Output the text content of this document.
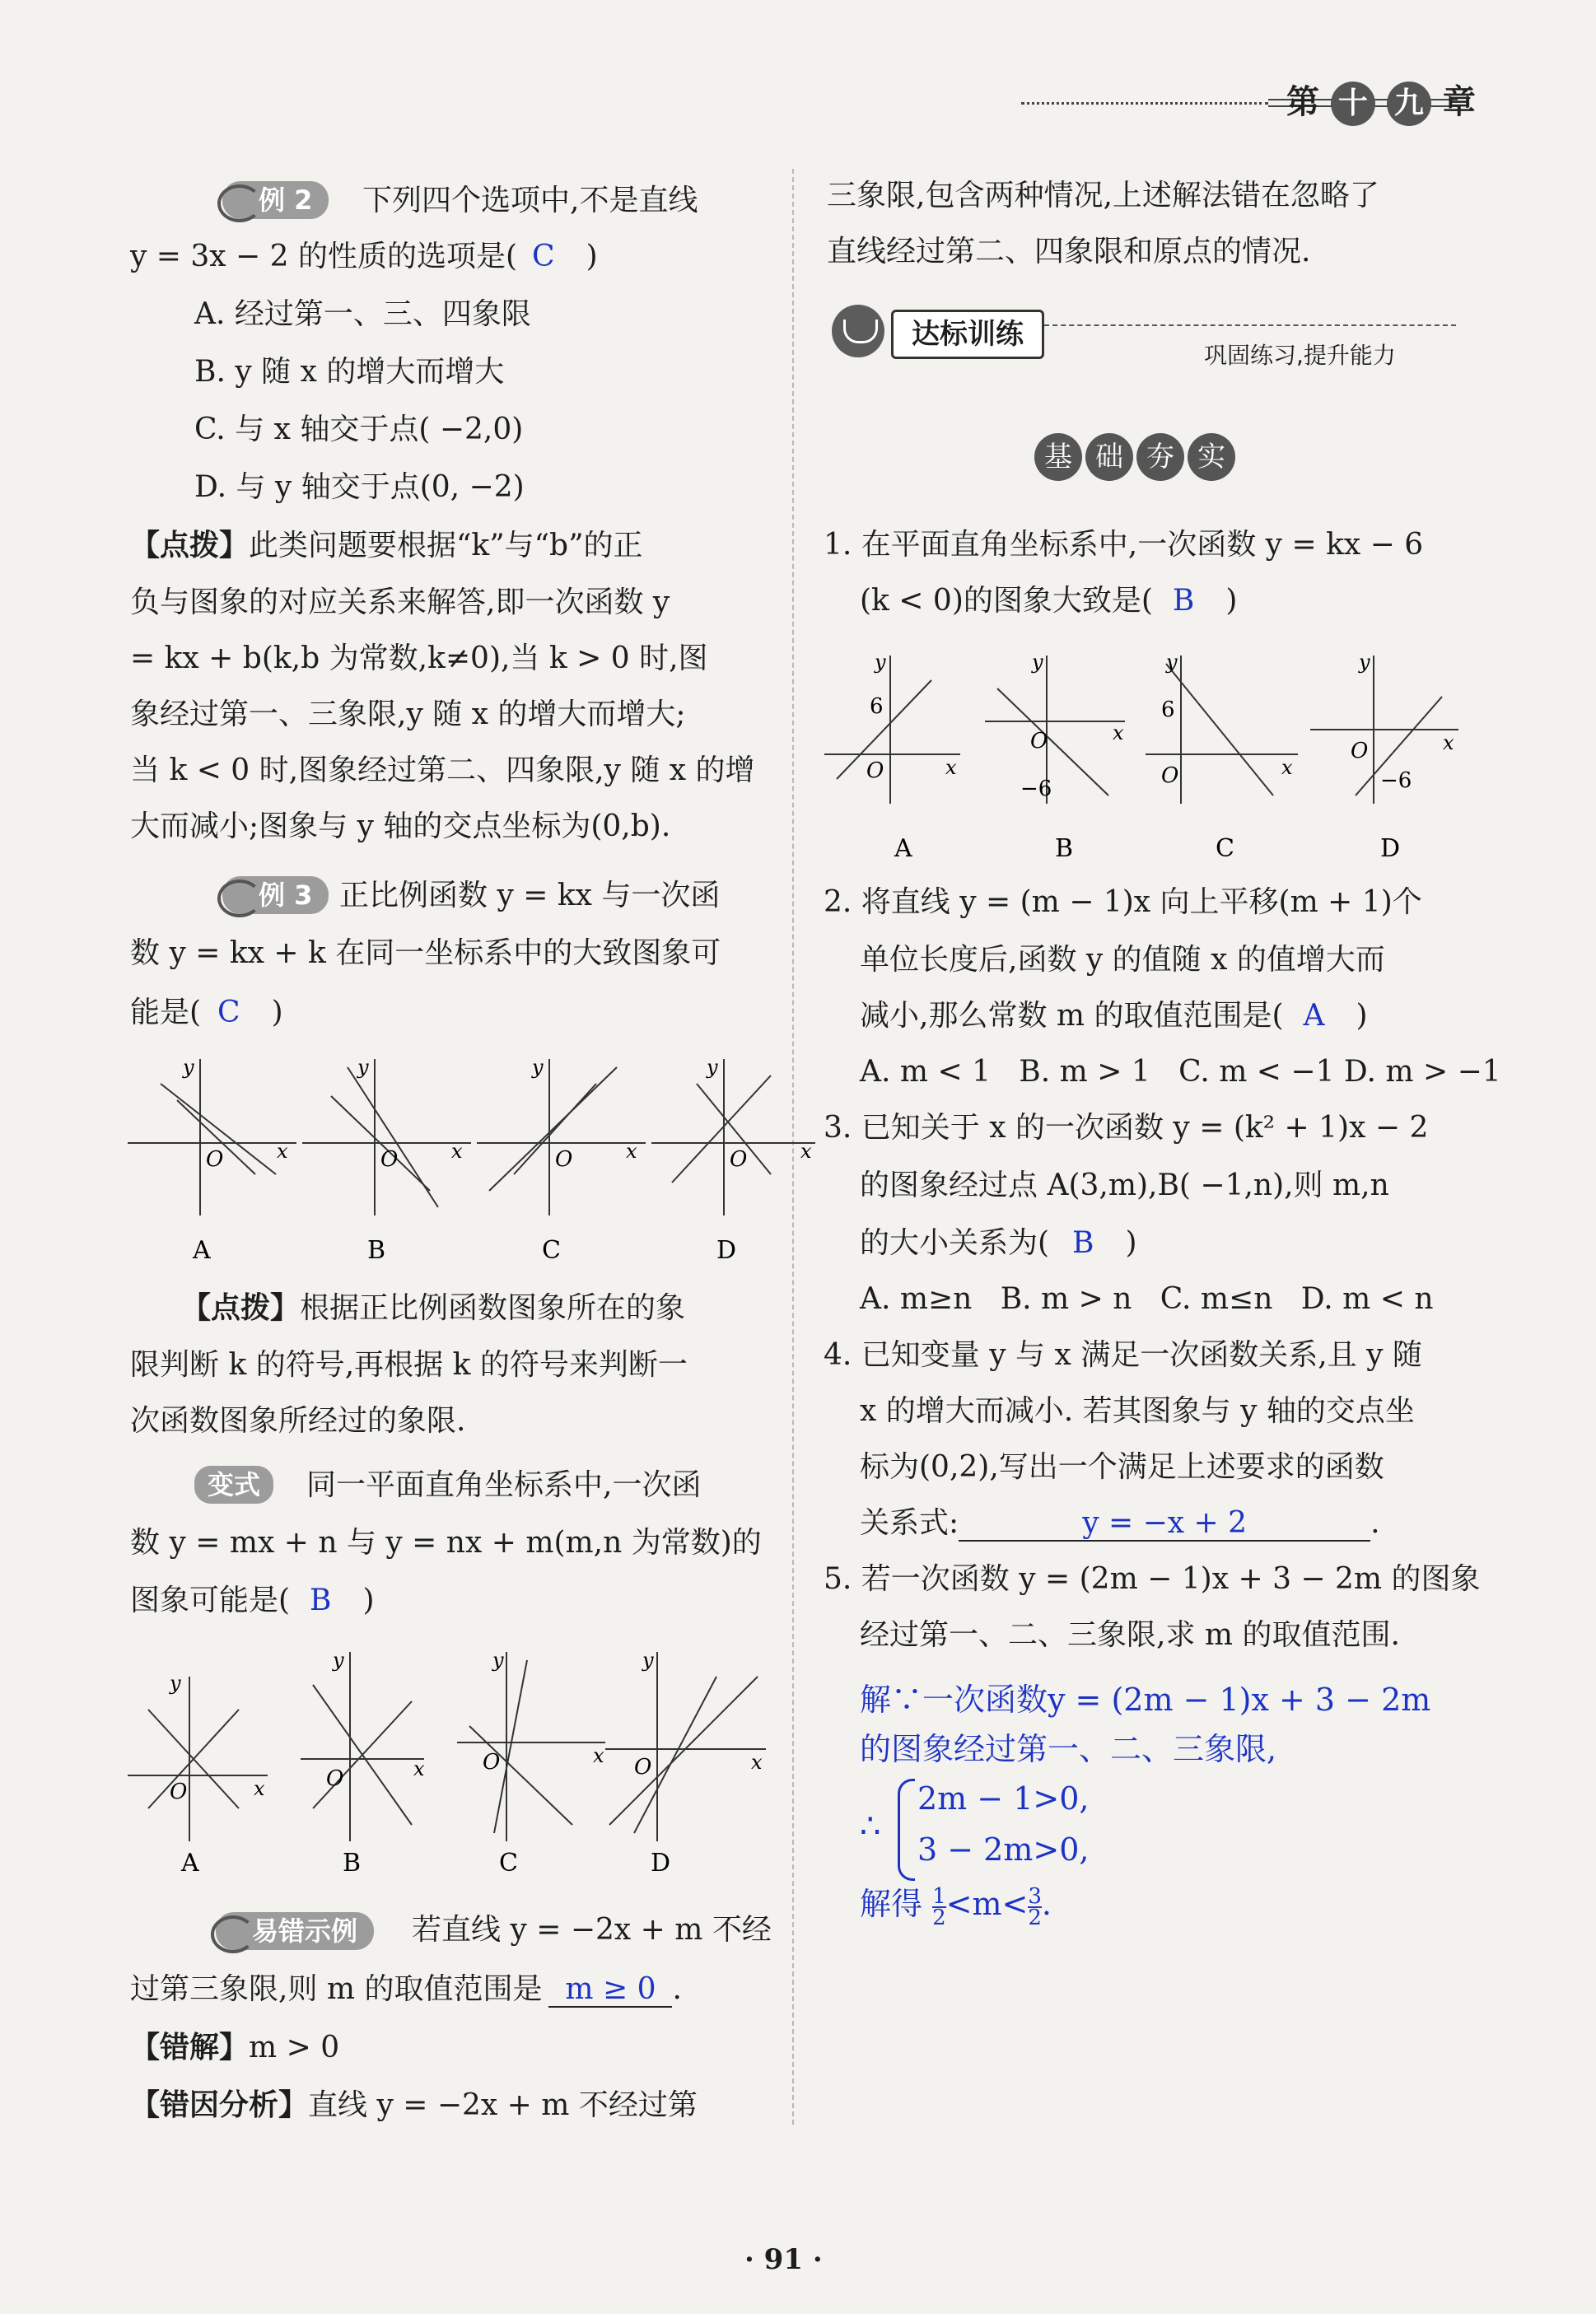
第 十 九 章
例 2	下列四个选项中,不是直线
y = 3x − 2 的性质的选项是( C )
A. 经过第一、三、四象限
B. y 随 x 的增大而增大
C. 与 x 轴交于点( −2,0)
D. 与 y 轴交于点(0, −2)
【点拨】此类问题要根据“k”与“b”的正
负与图象的对应关系来解答,即一次函数 y
= kx + b(k,b 为常数,k≠0),当 k > 0 时,图
象经过第一、三象限,y 随 x 的增大而增大;
当 k < 0 时,图象经过第二、四象限,y 随 x 的增
大而减小;图象与 y 轴的交点坐标为(0,b).
例 3 正比例函数 y = kx 与一次函
数 y = kx + k 在同一坐标系中的大致图象可
能是( C )
y
x
O
A
y
x
O
B
y
x
O
C
y
x
O
D
【点拨】根据正比例函数图象所在的象
限判断 k 的符号,再根据 k 的符号来判断一
次函数图象所经过的象限.
变式	同一平面直角坐标系中,一次函
数 y = mx + n 与 y = nx + m(m,n 为常数)的
图象可能是( B )
y
x
O
A
y
x
O
B
y
x
O
C
y
x
O
D
易错示例	若直线 y = −2x + m 不经
过第三象限,则 m 的取值范围是 m ≥ 0 .
【错解】m > 0
【错因分析】直线 y = −2x + m 不经过第
三象限,包含两种情况,上述解法错在忽略了
直线经过第二、四象限和原点的情况.
达标训练
巩固练习,提升能力
基 础 夯 实
1. 在平面直角坐标系中,一次函数 y = kx − 6
(k < 0)的图象大致是( B )
y
x
O
6
A
y
x
O
−6
B
y
x
O
6
C
y
x
O
−6
D
2. 将直线 y = (m − 1)x 向上平移(m + 1)个
单位长度后,函数 y 的值随 x 的值增大而
减小,那么常数 m 的取值范围是( A )
A. m < 1   B. m > 1   C. m < −1 D. m > −1
3. 已知关于 x 的一次函数 y = (k² + 1)x − 2
的图象经过点 A(3,m),B( −1,n),则 m,n
的大小关系为( B )
A. m≥n   B. m > n   C. m≤n   D. m < n
4. 已知变量 y 与 x 满足一次函数关系,且 y 随
x 的增大而减小. 若其图象与 y 轴的交点坐
标为(0,2),写出一个满足上述要求的函数
关系式:	y = −x + 2	.
5. 若一次函数 y = (2m − 1)x + 3 − 2m 的图象
经过第一、二、三象限,求 m 的取值范围.
解∵一次函数y = (2m − 1)x + 3 − 2m
的图象经过第一、二、三象限,
∴
2m − 1>0,
3 − 2m>0,
解得 $\frac{1}{2} <m< \frac{3}{2}$ .
· 91 ·
